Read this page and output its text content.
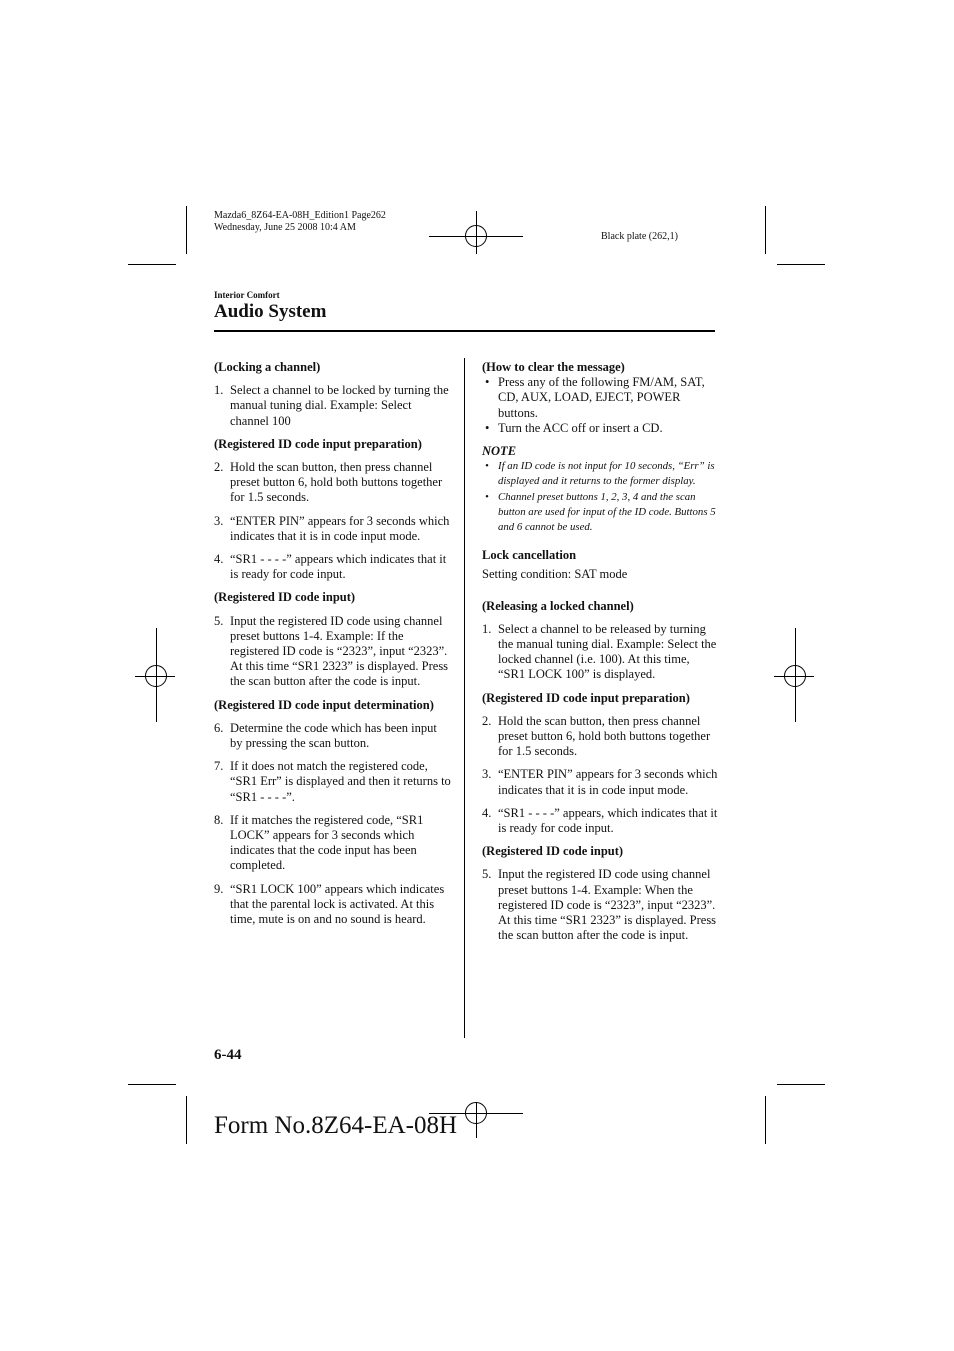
Mazda6_8Z64-EA-08H_Edition1 Page262
Wednesday, June 25 2008 10:4 AM
Black plate (262,1)
Interior Comfort
Audio System
(Locking a channel)
1. Select a channel to be locked by turning the manual tuning dial. Example: Select channel 100
(Registered ID code input preparation)
2. Hold the scan button, then press channel preset button 6, hold both buttons together for 1.5 seconds.
3. “ENTER PIN” appears for 3 seconds which indicates that it is in code input mode.
4. “SR1 - - - -” appears which indicates that it is ready for code input.
(Registered ID code input)
5. Input the registered ID code using channel preset buttons 1-4. Example: If the registered ID code is “2323”, input “2323”. At this time “SR1 2323” is displayed. Press the scan button after the code is input.
(Registered ID code input determination)
6. Determine the code which has been input by pressing the scan button.
7. If it does not match the registered code, “SR1 Err” is displayed and then it returns to “SR1 - - - -”.
8. If it matches the registered code, “SR1 LOCK” appears for 3 seconds which indicates that the code input has been completed.
9. “SR1 LOCK 100” appears which indicates that the parental lock is activated. At this time, mute is on and no sound is heard.
(How to clear the message)
• Press any of the following FM/AM, SAT, CD, AUX, LOAD, EJECT, POWER buttons.
• Turn the ACC off or insert a CD.
NOTE
• If an ID code is not input for 10 seconds, “Err” is displayed and it returns to the former display.
• Channel preset buttons 1, 2, 3, 4 and the scan button are used for input of the ID code. Buttons 5 and 6 cannot be used.
Lock cancellation
Setting condition: SAT mode
(Releasing a locked channel)
1. Select a channel to be released by turning the manual tuning dial. Example: Select the locked channel (i.e. 100). At this time, “SR1 LOCK 100” is displayed.
(Registered ID code input preparation)
2. Hold the scan button, then press channel preset button 6, hold both buttons together for 1.5 seconds.
3. “ENTER PIN” appears for 3 seconds which indicates that it is in code input mode.
4. “SR1 - - - -” appears, which indicates that it is ready for code input.
(Registered ID code input)
5. Input the registered ID code using channel preset buttons 1-4. Example: When the registered ID code is “2323”, input “2323”. At this time “SR1 2323” is displayed. Press the scan button after the code is input.
6-44
Form No.8Z64-EA-08H
